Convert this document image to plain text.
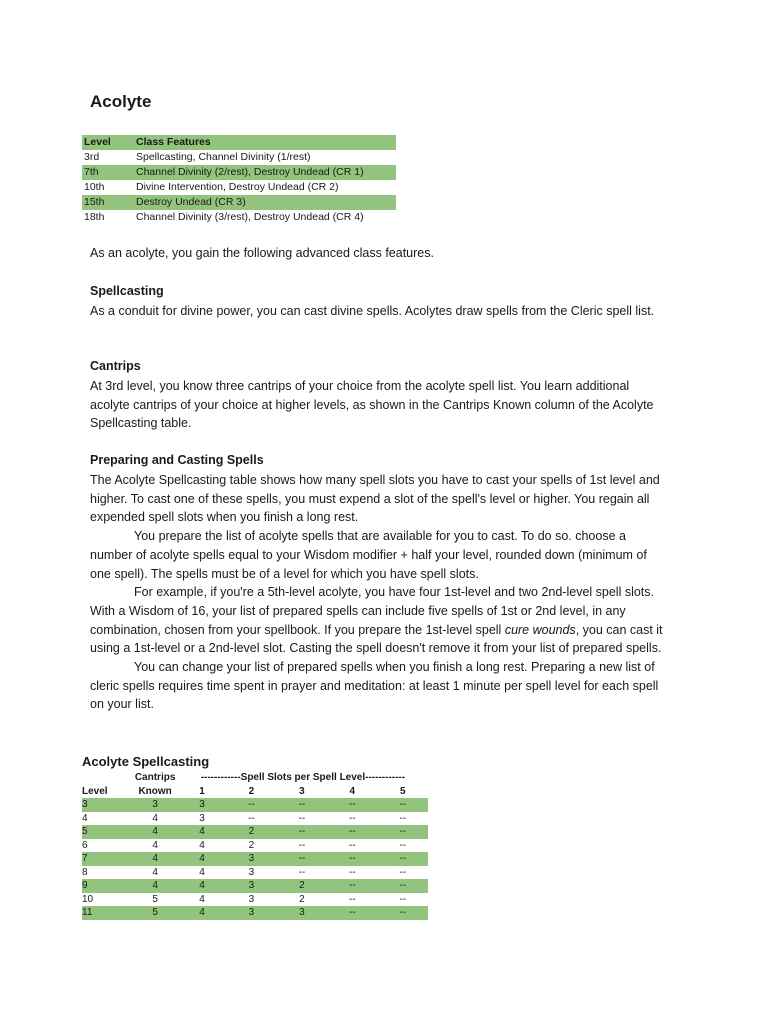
Acolyte
Level	Class Features
3rd	Spellcasting, Channel Divinity (1/rest)
7th	Channel Divinity (2/rest), Destroy Undead (CR 1)
10th	Divine Intervention, Destroy Undead (CR 2)
15th	Destroy Undead (CR 3)
18th	Channel Divinity (3/rest), Destroy Undead (CR 4)

As an acolyte, you gain the following advanced class features.

Spellcasting

As a conduit for divine power, you can cast divine spells. Acolytes draw spells from the Cleric spell list.

Cantrips

At 3rd level, you know three cantrips of your choice from the acolyte spell list. You learn additional acolyte cantrips of your choice at higher levels, as shown in the Cantrips Known column of the Acolyte Spellcasting table.

Preparing and Casting Spells

The Acolyte Spellcasting table shows how many spell slots you have to cast your spells of 1st level and higher. To cast one of these spells, you must expend a slot of the spell's level or higher. You regain all expended spell slots when you finish a long rest.

You prepare the list of acolyte spells that are available for you to cast. To do so. choose a number of acolyte spells equal to your Wisdom modifier + half your level, rounded down (minimum of one spell). The spells must be of a level for which you have spell slots.

For example, if you're a 5th-level acolyte, you have four 1st-level and two 2nd-level spell slots. With a Wisdom of 16, your list of prepared spells can include five spells of 1st or 2nd level, in any combination, chosen from your spellbook. If you prepare the 1st-level spell cure wounds, you can cast it using a 1st-level or a 2nd-level slot. Casting the spell doesn't remove it from your list of prepared spells.

You can change your list of prepared spells when you finish a long rest. Preparing a new list of cleric spells requires time spent in prayer and meditation: at least 1 minute per spell level for each spell on your list.

Acolyte Spellcasting
	Cantrips	------------Spell Slots per Spell Level------------				
Level	Known	1	2	3	4	5
3	3	3	--	--	--	--
4	4	3	--	--	--	--
5	4	4	2	--	--	--
6	4	4	2	--	--	--
7	4	4	3	--	--	--
8	4	4	3	--	--	--
9	4	4	3	2	--	--
10	5	4	3	2	--	--
11	5	4	3	3	--	--
